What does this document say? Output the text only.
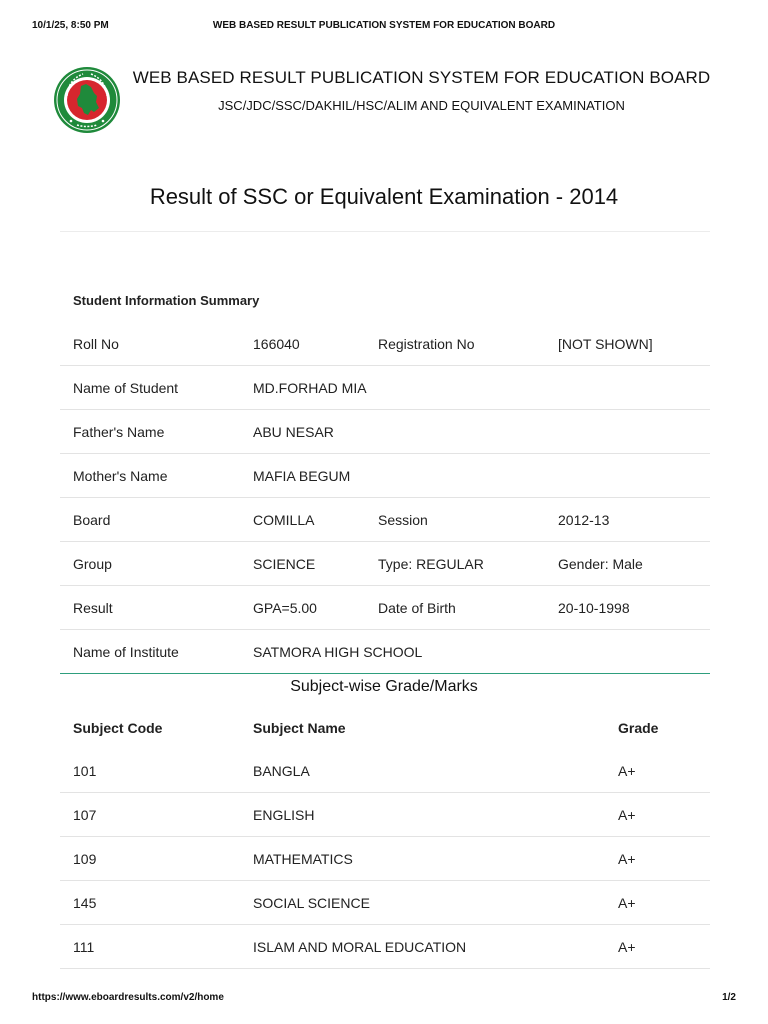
10/1/25, 8:50 PM	WEB BASED RESULT PUBLICATION SYSTEM FOR EDUCATION BOARD
WEB BASED RESULT PUBLICATION SYSTEM FOR EDUCATION BOARD
JSC/JDC/SSC/DAKHIL/HSC/ALIM AND EQUIVALENT EXAMINATION
Result of SSC or Equivalent Examination - 2014
Student Information Summary			
Roll No	166040	Registration No	[NOT SHOWN]
Name of Student	MD.FORHAD MIA		
Father's Name	ABU NESAR		
Mother's Name	MAFIA BEGUM		
Board	COMILLA	Session	2012-13
Group	SCIENCE	Type: REGULAR	Gender: Male
Result	GPA=5.00	Date of Birth	20-10-1998
Name of Institute	SATMORA HIGH SCHOOL		
Subject-wise Grade/Marks
Subject Code	Subject Name	Grade
101	BANGLA	A+
107	ENGLISH	A+
109	MATHEMATICS	A+
145	SOCIAL SCIENCE	A+
111	ISLAM AND MORAL EDUCATION	A+
https://www.eboardresults.com/v2/home	1/2
